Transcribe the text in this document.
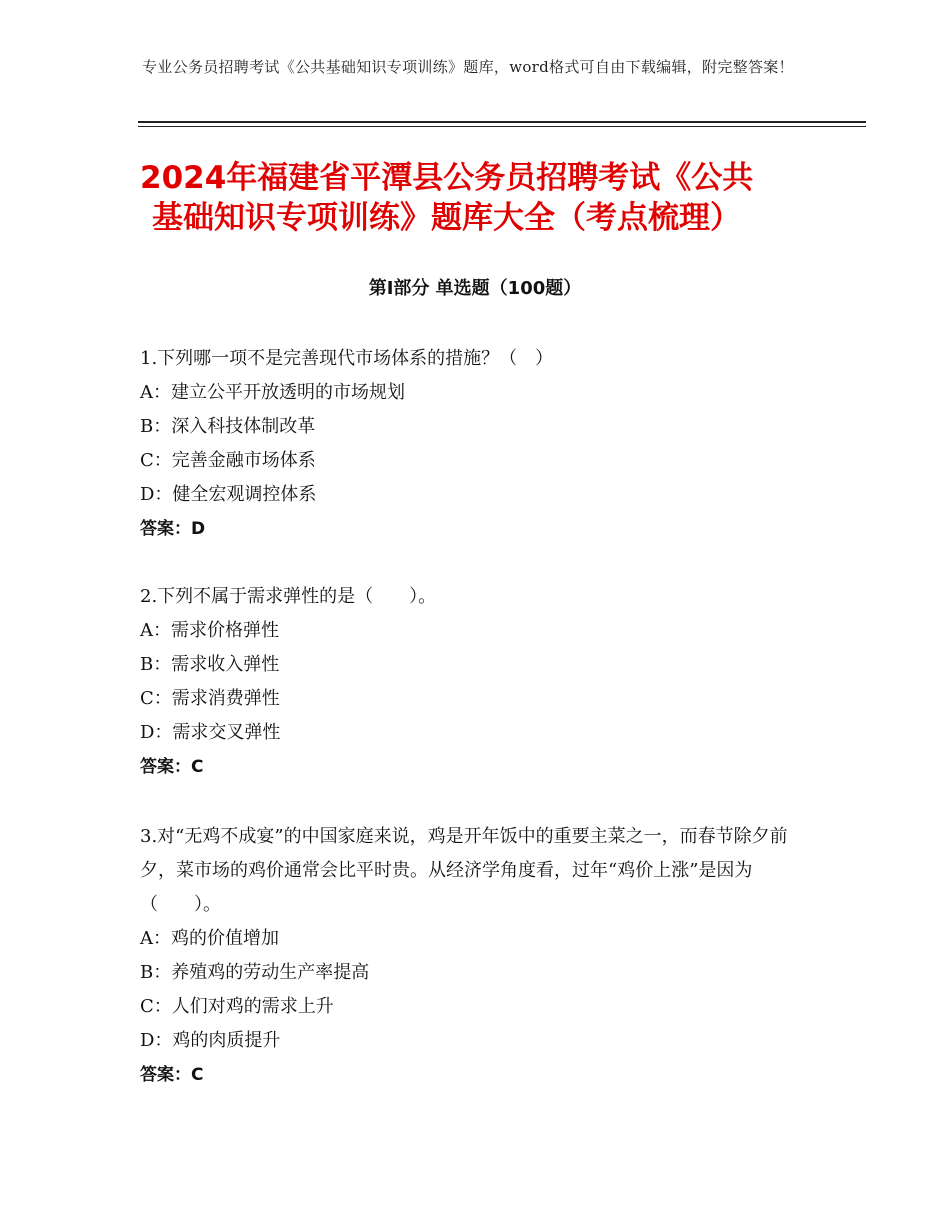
专业公务员招聘考试《公共基础知识专项训练》题库，word格式可自由下载编辑，附完整答案！
2024年福建省平潭县公务员招聘考试《公共
基础知识专项训练》题库大全（考点梳理）
第Ⅰ部分 单选题（100题）

1.下列哪一项不是完善现代市场体系的措施？（　）

A：建立公平开放透明的市场规划

B：深入科技体制改革

C：完善金融市场体系

D：健全宏观调控体系

答案：D

2.下列不属于需求弹性的是（　　）。

A：需求价格弹性

B：需求收入弹性

C：需求消费弹性

D：需求交叉弹性

答案：C

3.对“无鸡不成宴”的中国家庭来说，鸡是开年饭中的重要主菜之一，而春节除夕前夕，菜市场的鸡价通常会比平时贵。从经济学角度看，过年“鸡价上涨”是因为（　　）。

A：鸡的价值增加

B：养殖鸡的劳动生产率提高

C：人们对鸡的需求上升

D：鸡的肉质提升

答案：C
